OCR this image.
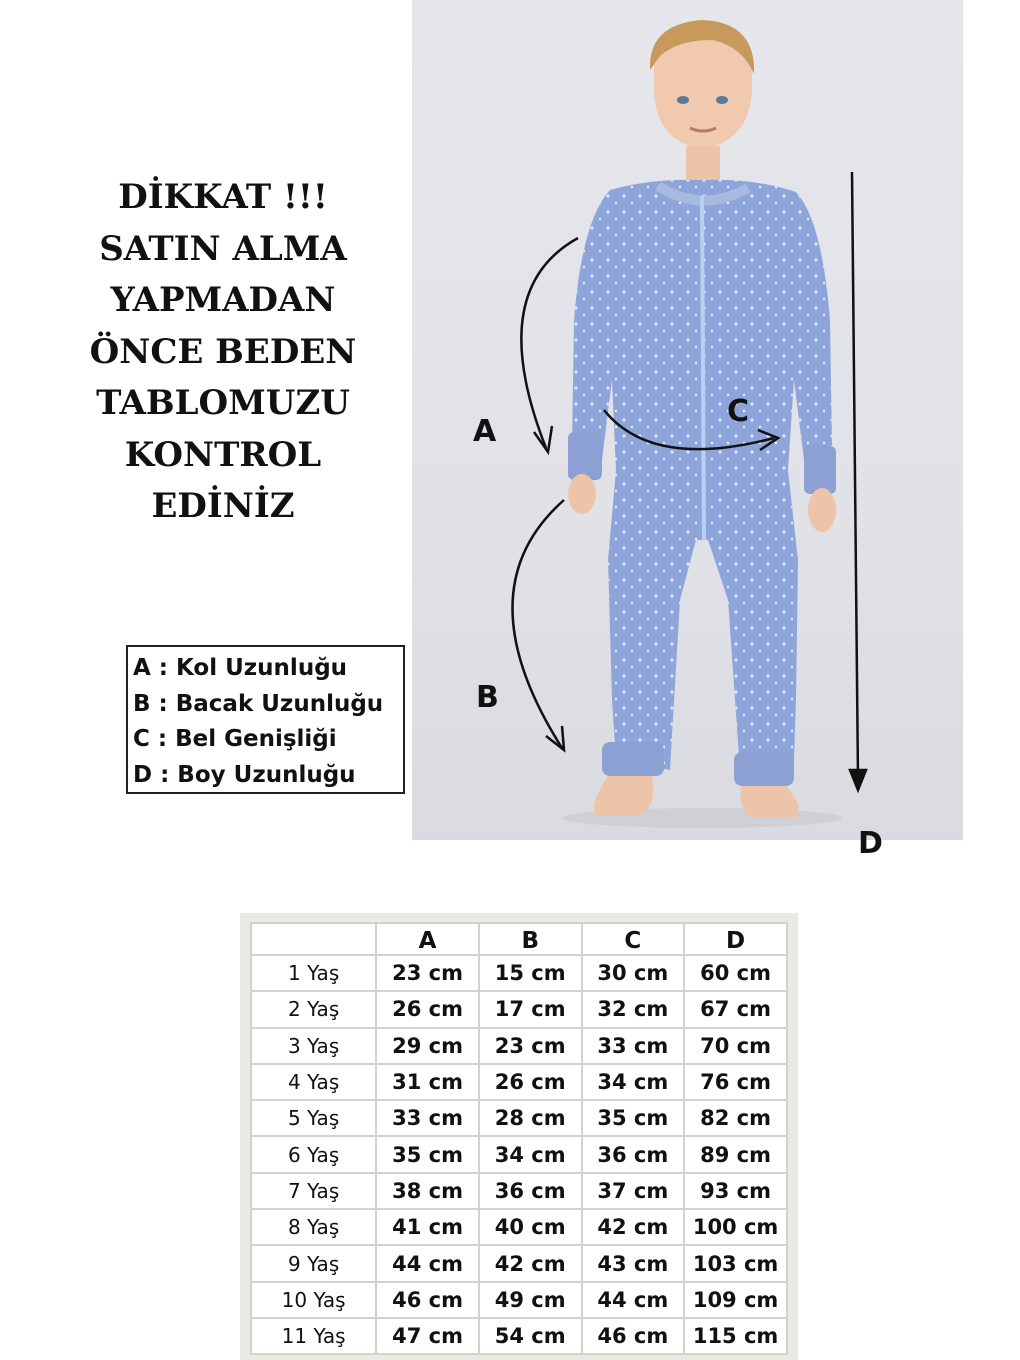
DİKKAT !!!
SATIN ALMA
YAPMADAN
ÖNCE BEDEN
TABLOMUZU
KONTROL
EDİNİZ
A : Kol Uzunluğu
B : Bacak Uzunluğu
C : Bel Genişliği
D : Boy Uzunluğu
A
C
B
D
	A	B	C	D
1 Yaş	23 cm	15 cm	30 cm	60 cm
2 Yaş	26 cm	17 cm	32 cm	67 cm
3 Yaş	29 cm	23 cm	33 cm	70 cm
4 Yaş	31 cm	26 cm	34 cm	76 cm
5 Yaş	33 cm	28 cm	35 cm	82 cm
6 Yaş	35 cm	34 cm	36 cm	89 cm
7 Yaş	38 cm	36 cm	37 cm	93 cm
8 Yaş	41 cm	40 cm	42 cm	100 cm
9 Yaş	44 cm	42 cm	43 cm	103 cm
10 Yaş	46 cm	49 cm	44 cm	109 cm
11 Yaş	47 cm	54 cm	46 cm	115 cm
